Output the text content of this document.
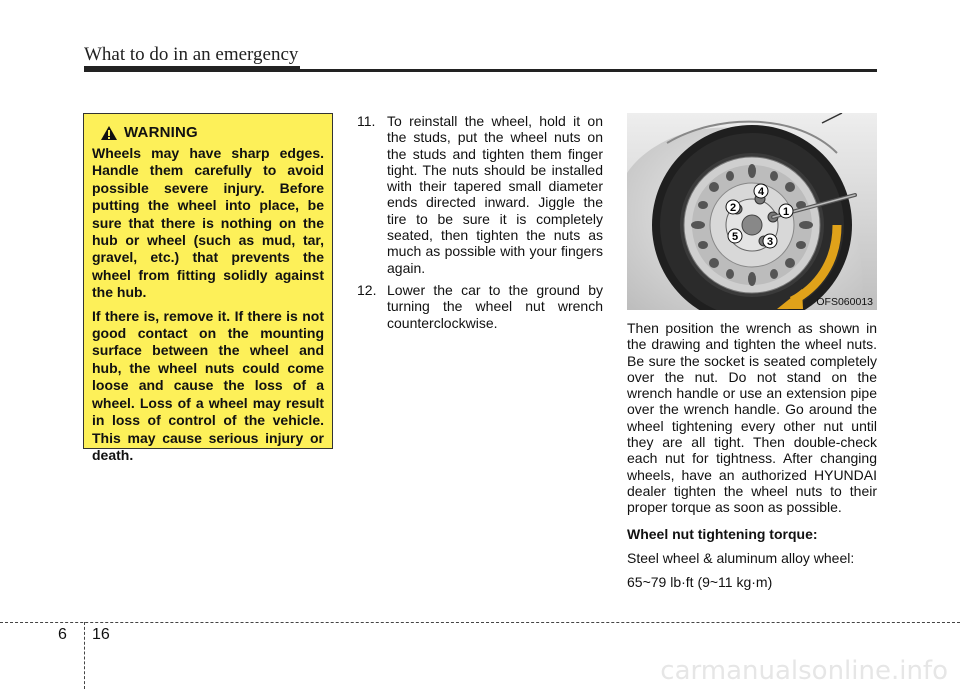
What to do in an emergency
WARNING

Wheels may have sharp edges. Handle them carefully to avoid possible severe injury. Before putting the wheel into place, be sure that there is nothing on the hub or wheel (such as mud, tar, gravel, etc.) that prevents the wheel from fitting solidly against the hub.

If there is, remove it. If there is not good contact on the mounting surface between the wheel and hub, the wheel nuts could come loose and cause the loss of a wheel. Loss of a wheel may result in loss of control of the vehicle. This may cause serious injury or death.

11. To reinstall the wheel, hold it on the studs, put the wheel nuts on the studs and tighten them finger tight. The nuts should be installed with their tapered small diameter ends directed inward. Jiggle the tire to be sure it is completely seated, then tighten the nuts as much as possible with your fingers again.
12. Lower the car to the ground by turning the wheel nut wrench counterclockwise.
1
2
3
4
5
OFS060013

Then position the wrench as shown in the drawing and tighten the wheel nuts. Be sure the socket is seated completely over the nut. Do not stand on the wrench handle or use an extension pipe over the wrench handle. Go around the wheel tightening every other nut until they are all tight. Then double-check each nut for tightness. After changing wheels, have an authorized HYUNDAI dealer tighten the wheel nuts to their proper torque as soon as possible.

Wheel nut tightening torque:

Steel wheel & aluminum alloy wheel:

65~79 lb·ft (9~11 kg·m)

6 16
carmanualsonline.info
